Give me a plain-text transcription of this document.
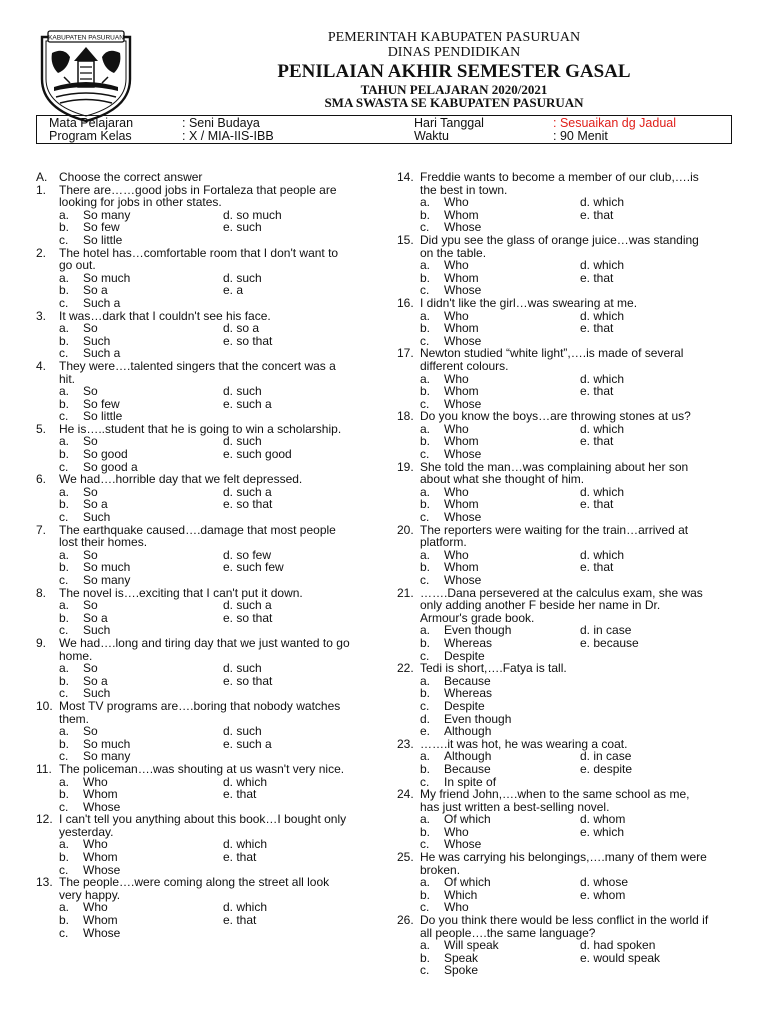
KABUPATEN PASURUAN	PEMERINTAH KABUPATEN PASURUAN
DINAS PENDIDIKAN
PENILAIAN AKHIR SEMESTER GASAL
TAHUN PELAJARAN 2020/2021
SMA SWASTA SE KABUPATEN PASURUAN
Mata Pelajaran	: Seni Budaya
Program Kelas	: X / MIA-IIS-IBB
Hari Tanggal	: Sesuaikan dg Jadual
Waktu	: 90 Menit
A. Choose the correct answer
1. There are……good jobs in Fortaleza that people are
looking for jobs in other states.
a. So many	d. so much
b. So few	e. such
c. So little
2. The hotel has…comfortable room that I don't want to
go out.
a. So much	d. such
b. So a	e. a
c. Such a
3. It was…dark that I couldn't see his face.
a. So	d. so a
b. Such	e. so that
c. Such a
4. They were….talented singers that the concert was a
hit.
a. So	d. such
b. So few	e. such a
c. So little
5. He is…..student that he is going to win a scholarship.
a. So	d. such
b. So good	e. such good
c. So good a
6. We had….horrible day that we felt depressed.
a. So	d. such a
b. So a	e. so that
c. Such
7. The earthquake caused….damage that most people
lost their homes.
a. So	d. so few
b. So much	e. such few
c. So many
8. The novel is….exciting that I can't put it down.
a. So	d. such a
b. So a	e. so that
c. Such
9. We had….long and tiring day that we just wanted to go
home.
a. So	d. such
b. So a	e. so that
c. Such
10. Most TV programs are….boring that nobody watches
them.
a. So	d. such
b. So much	e. such a
c. So many
11. The policeman….was shouting at us wasn't very nice.
a. Who	d. which
b. Whom	e. that
c. Whose
12. I can't tell you anything about this book…I bought only
yesterday.
a. Who	d. which
b. Whom	e. that
c. Whose
13. The people….were coming along the street all look
very happy.
a. Who	d. which
b. Whom	e. that
c. Whose
14. Freddie wants to become a member of our club,….is
the best in town.
a. Who	d. which
b. Whom	e. that
c. Whose
15. Did ypu see the glass of orange juice…was standing
on the table.
a. Who	d. which
b. Whom	e. that
c. Whose
16. I didn't like the girl…was swearing at me.
a. Who	d. which
b. Whom	e. that
c. Whose
17. Newton studied “white light”,….is made of several
different colours.
a. Who	d. which
b. Whom	e. that
c. Whose
18. Do you know the boys…are throwing stones at us?
a. Who	d. which
b. Whom	e. that
c. Whose
19. She told the man…was complaining about her son
about what she thought of him.
a. Who	d. which
b. Whom	e. that
c. Whose
20. The reporters were waiting for the train…arrived at
platform.
a. Who	d. which
b. Whom	e. that
c. Whose
21. …….Dana persevered at the calculus exam, she was
only adding another F beside her name in Dr.
Armour's grade book.
a. Even though	d. in case
b. Whereas	e. because
c. Despite
22. Tedi is short,….Fatya is tall.
a. Because
b. Whereas
c. Despite
d. Even though
e. Although
23. …….it was hot, he was wearing a coat.
a. Although	d. in case
b. Because	e. despite
c. In spite of
24. My friend John,….when to the same school as me,
has just written a best-selling novel.
a. Of which	d. whom
b. Who	e. which
c. Whose
25. He was carrying his belongings,….many of them were
broken.
a. Of which	d. whose
b. Which	e. whom
c. Who
26. Do you think there would be less conflict in the world if
all people….the same language?
a. Will speak	d. had spoken
b. Speak	e. would speak
c. Spoke
